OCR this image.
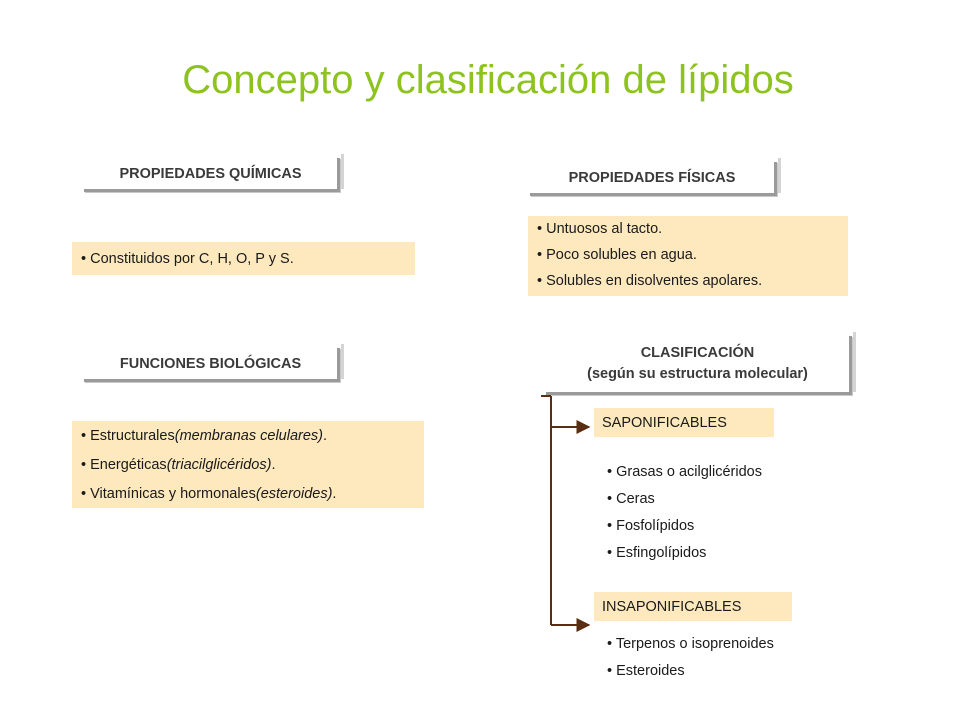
Concepto y clasificación de lípidos
PROPIEDADES QUÍMICAS
• Constituidos por C, H, O, P y S.
PROPIEDADES FÍSICAS
• Untuosos al tacto.
• Poco solubles en agua.
• Solubles en disolventes apolares.
FUNCIONES BIOLÓGICAS
• Estructurales (membranas celulares) .
• Energéticas (triacilglicéridos) .
• Vitamínicas y hormonales (esteroides) .
CLASIFICACIÓN
(según su estructura molecular)
SAPONIFICABLES
• Grasas o acilglicéridos
• Ceras
• Fosfolípidos
• Esfingolípidos
INSAPONIFICABLES
• Terpenos o isoprenoides
• Esteroides
